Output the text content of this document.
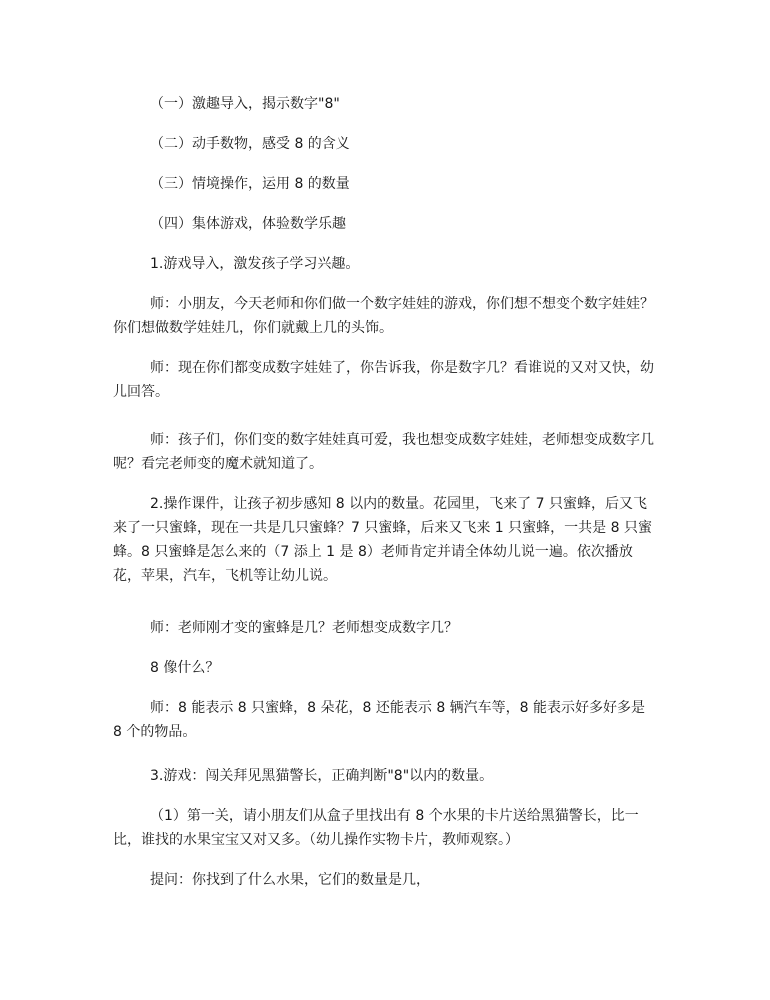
（一）激趣导入，揭示数字"8"

（二）动手数物，感受 8 的含义

（三）情境操作，运用 8 的数量

（四）集体游戏，体验数学乐趣

1.游戏导入，激发孩子学习兴趣。

师：小朋友，今天老师和你们做一个数字娃娃的游戏，你们想不想变个数字娃娃？你们想做数学娃娃几，你们就戴上几的头饰。

师：现在你们都变成数字娃娃了，你告诉我，你是数字几？看谁说的又对又快，幼儿回答。

师：孩子们，你们变的数字娃娃真可爱，我也想变成数字娃娃，老师想变成数字几呢？看完老师变的魔术就知道了。

2.操作课件，让孩子初步感知 8 以内的数量。花园里，飞来了 7 只蜜蜂，后又飞来了一只蜜蜂，现在一共是几只蜜蜂？7 只蜜蜂，后来又飞来 1 只蜜蜂，一共是 8 只蜜蜂。8 只蜜蜂是怎么来的（7 添上 1 是 8）老师肯定并请全体幼儿说一遍。依次播放花，苹果，汽车，飞机等让幼儿说。

师：老师刚才变的蜜蜂是几？老师想变成数字几？

8 像什么？

师：8 能表示 8 只蜜蜂，8 朵花，8 还能表示 8 辆汽车等，8 能表示好多好多是 8 个的物品。

3.游戏：闯关拜见黑猫警长，正确判断"8"以内的数量。

（1）第一关，请小朋友们从盒子里找出有 8 个水果的卡片送给黑猫警长，比一比，谁找的水果宝宝又对又多。（幼儿操作实物卡片，教师观察。）

提问：你找到了什么水果，它们的数量是几，
